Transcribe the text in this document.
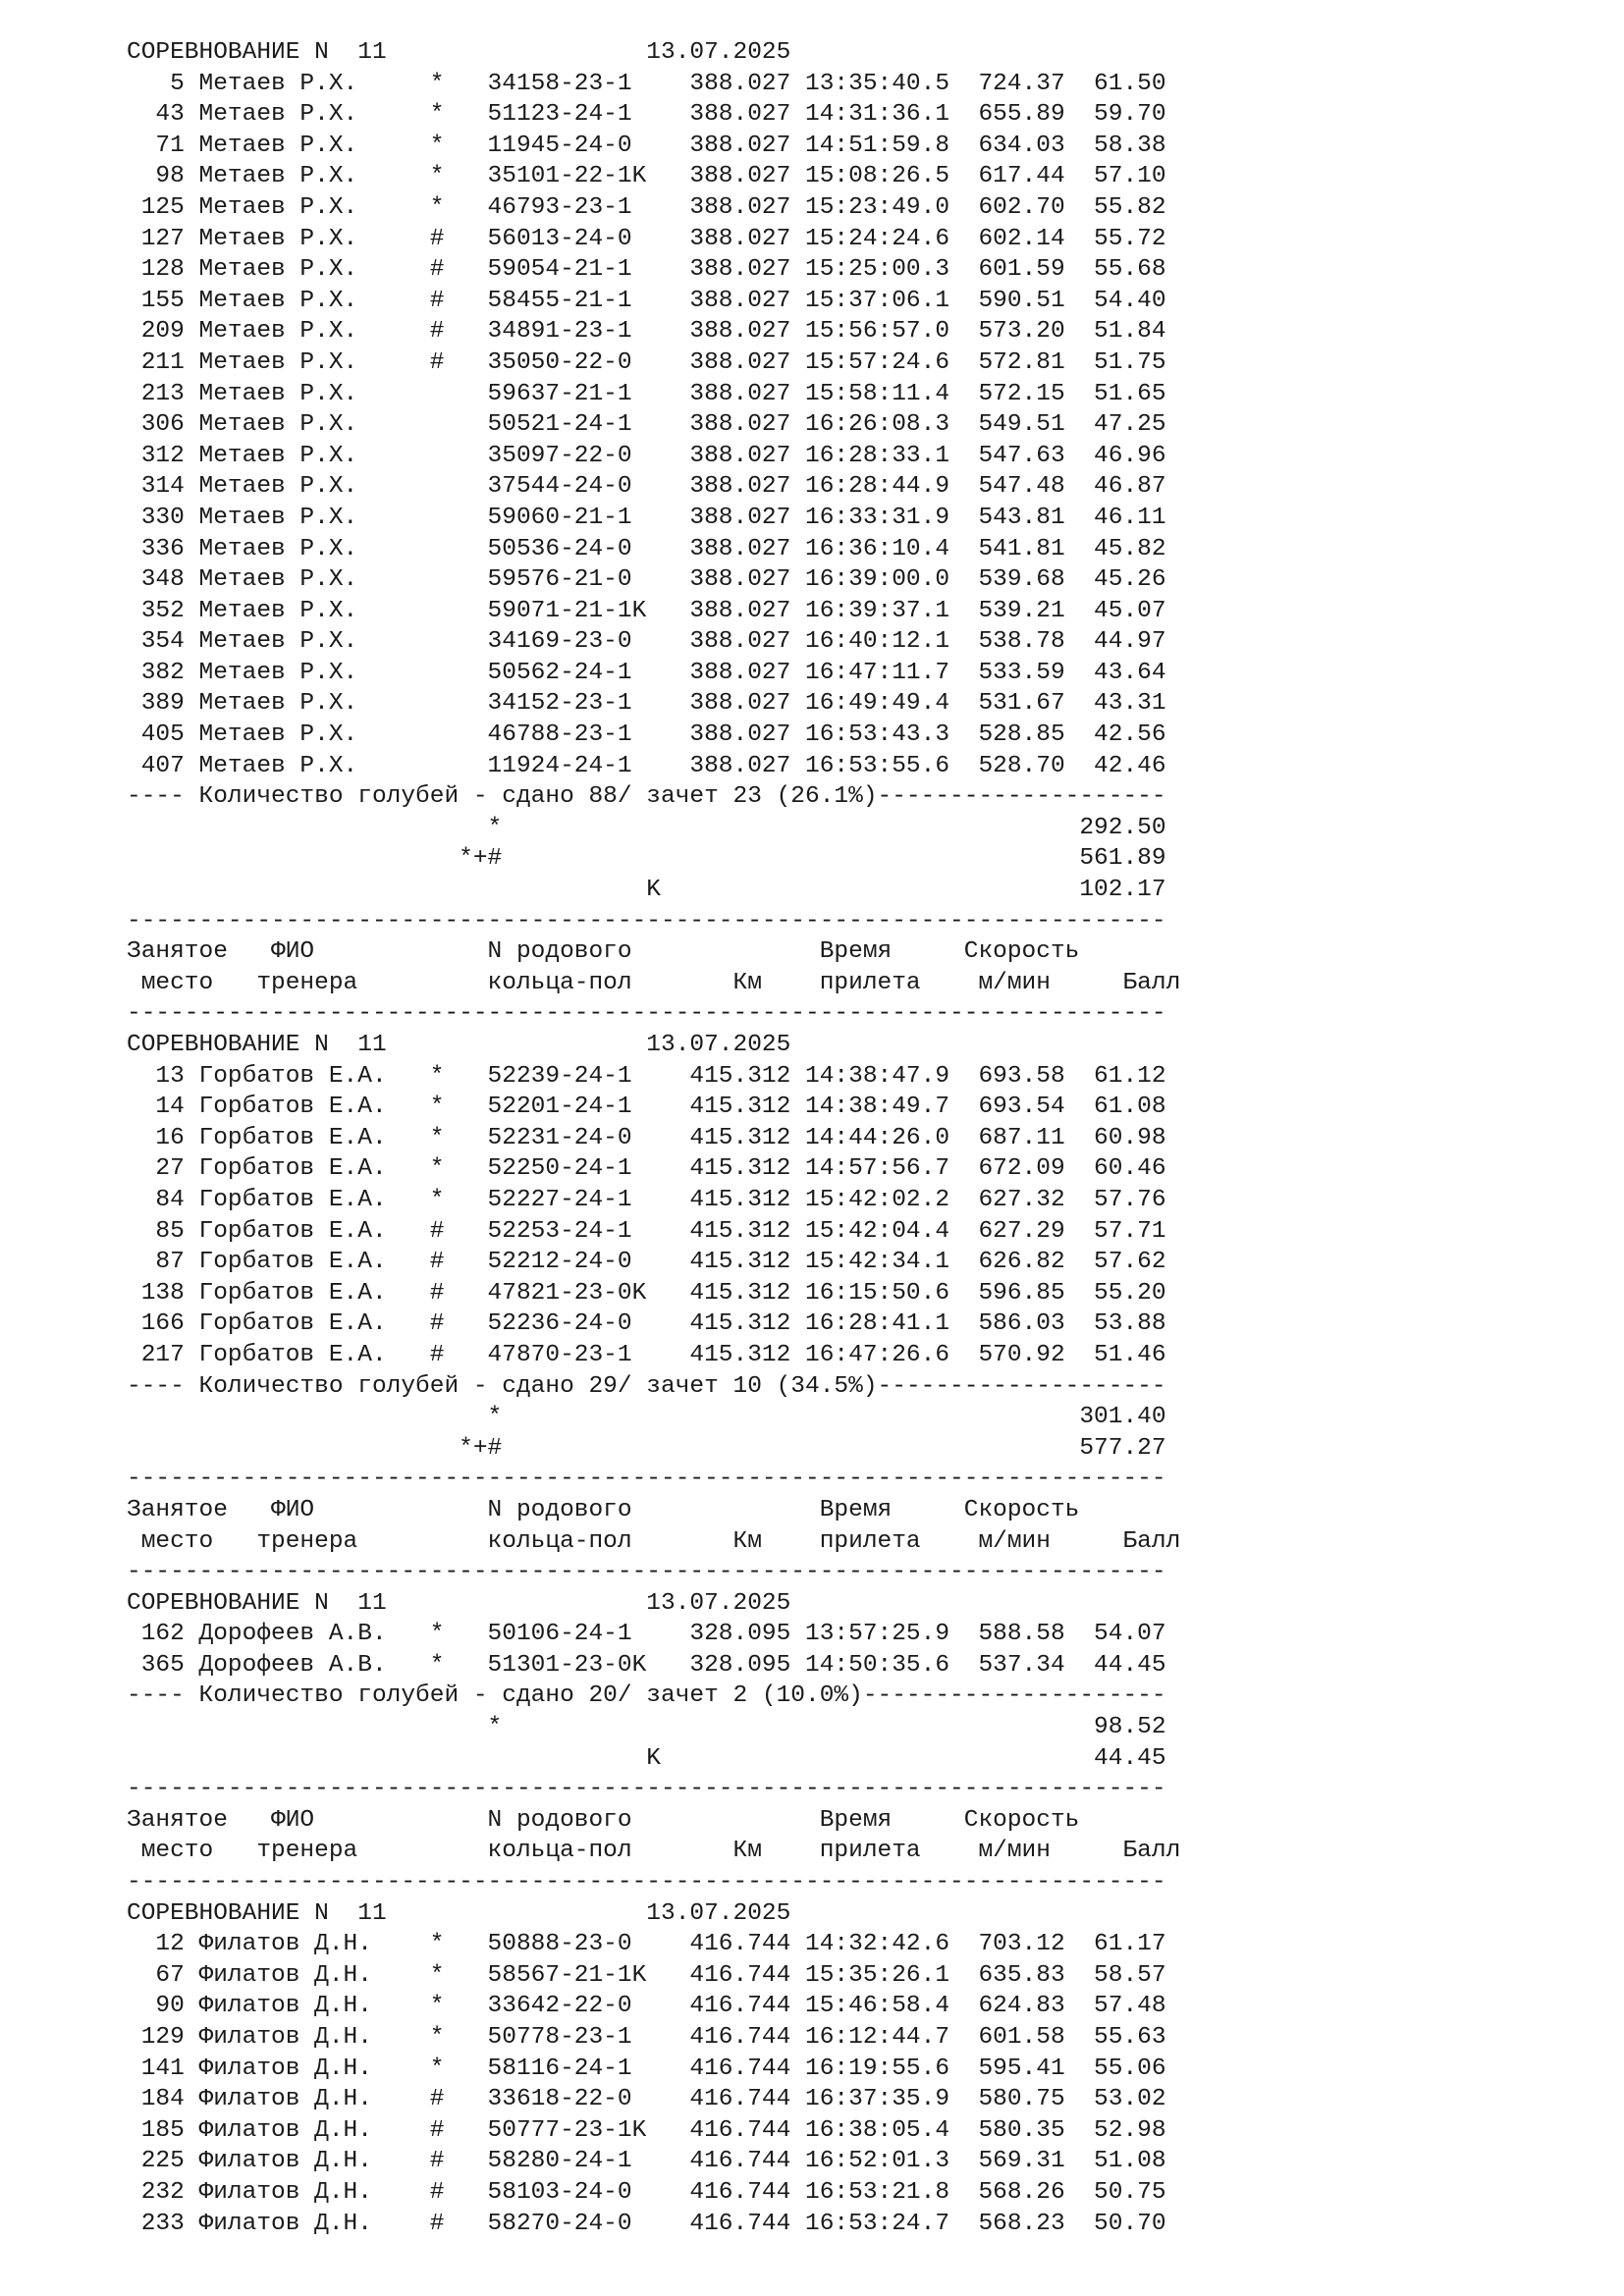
СОРЕВНОВАНИЕ N  11                  13.07.2025
5 Метаев Р.Х.     *   34158-23-1    388.027 13:35:40.5  724.37  61.50
43 Метаев Р.Х.     *   51123-24-1    388.027 14:31:36.1  655.89  59.70
71 Метаев Р.Х.     *   11945-24-0    388.027 14:51:59.8  634.03  58.38
98 Метаев Р.Х.     *   35101-22-1K   388.027 15:08:26.5  617.44  57.10
125 Метаев Р.Х.     *   46793-23-1    388.027 15:23:49.0  602.70  55.82
127 Метаев Р.Х.     #   56013-24-0    388.027 15:24:24.6  602.14  55.72
128 Метаев Р.Х.     #   59054-21-1    388.027 15:25:00.3  601.59  55.68
155 Метаев Р.Х.     #   58455-21-1    388.027 15:37:06.1  590.51  54.40
209 Метаев Р.Х.     #   34891-23-1    388.027 15:56:57.0  573.20  51.84
211 Метаев Р.Х.     #   35050-22-0    388.027 15:57:24.6  572.81  51.75
213 Метаев Р.Х.         59637-21-1    388.027 15:58:11.4  572.15  51.65
306 Метаев Р.Х.         50521-24-1    388.027 16:26:08.3  549.51  47.25
312 Метаев Р.Х.         35097-22-0    388.027 16:28:33.1  547.63  46.96
314 Метаев Р.Х.         37544-24-0    388.027 16:28:44.9  547.48  46.87
330 Метаев Р.Х.         59060-21-1    388.027 16:33:31.9  543.81  46.11
336 Метаев Р.Х.         50536-24-0    388.027 16:36:10.4  541.81  45.82
348 Метаев Р.Х.         59576-21-0    388.027 16:39:00.0  539.68  45.26
352 Метаев Р.Х.         59071-21-1K   388.027 16:39:37.1  539.21  45.07
354 Метаев Р.Х.         34169-23-0    388.027 16:40:12.1  538.78  44.97
382 Метаев Р.Х.         50562-24-1    388.027 16:47:11.7  533.59  43.64
389 Метаев Р.Х.         34152-23-1    388.027 16:49:49.4  531.67  43.31
405 Метаев Р.Х.         46788-23-1    388.027 16:53:43.3  528.85  42.56
407 Метаев Р.Х.         11924-24-1    388.027 16:53:55.6  528.70  42.46
---- Количество голубей - сдано 88/ зачет 23 (26.1%)--------------------
*                                        292.50
*+#                                        561.89
K                             102.17
------------------------------------------------------------------------
Занятое   ФИО            N родового             Время     Скорость
место   тренера         кольца-пол       Км    прилета    м/мин     Балл
------------------------------------------------------------------------
СОРЕВНОВАНИЕ N  11                  13.07.2025
13 Горбатов Е.А.   *   52239-24-1    415.312 14:38:47.9  693.58  61.12
14 Горбатов Е.А.   *   52201-24-1    415.312 14:38:49.7  693.54  61.08
16 Горбатов Е.А.   *   52231-24-0    415.312 14:44:26.0  687.11  60.98
27 Горбатов Е.А.   *   52250-24-1    415.312 14:57:56.7  672.09  60.46
84 Горбатов Е.А.   *   52227-24-1    415.312 15:42:02.2  627.32  57.76
85 Горбатов Е.А.   #   52253-24-1    415.312 15:42:04.4  627.29  57.71
87 Горбатов Е.А.   #   52212-24-0    415.312 15:42:34.1  626.82  57.62
138 Горбатов Е.А.   #   47821-23-0K   415.312 16:15:50.6  596.85  55.20
166 Горбатов Е.А.   #   52236-24-0    415.312 16:28:41.1  586.03  53.88
217 Горбатов Е.А.   #   47870-23-1    415.312 16:47:26.6  570.92  51.46
---- Количество голубей - сдано 29/ зачет 10 (34.5%)--------------------
*                                        301.40
*+#                                        577.27
------------------------------------------------------------------------
Занятое   ФИО            N родового             Время     Скорость
место   тренера         кольца-пол       Км    прилета    м/мин     Балл
------------------------------------------------------------------------
СОРЕВНОВАНИЕ N  11                  13.07.2025
162 Дорофеев А.В.   *   50106-24-1    328.095 13:57:25.9  588.58  54.07
365 Дорофеев А.В.   *   51301-23-0K   328.095 14:50:35.6  537.34  44.45
---- Количество голубей - сдано 20/ зачет 2 (10.0%)---------------------
*                                         98.52
K                              44.45
------------------------------------------------------------------------
Занятое   ФИО            N родового             Время     Скорость
место   тренера         кольца-пол       Км    прилета    м/мин     Балл
------------------------------------------------------------------------
СОРЕВНОВАНИЕ N  11                  13.07.2025
12 Филатов Д.Н.    *   50888-23-0    416.744 14:32:42.6  703.12  61.17
67 Филатов Д.Н.    *   58567-21-1K   416.744 15:35:26.1  635.83  58.57
90 Филатов Д.Н.    *   33642-22-0    416.744 15:46:58.4  624.83  57.48
129 Филатов Д.Н.    *   50778-23-1    416.744 16:12:44.7  601.58  55.63
141 Филатов Д.Н.    *   58116-24-1    416.744 16:19:55.6  595.41  55.06
184 Филатов Д.Н.    #   33618-22-0    416.744 16:37:35.9  580.75  53.02
185 Филатов Д.Н.    #   50777-23-1K   416.744 16:38:05.4  580.35  52.98
225 Филатов Д.Н.    #   58280-24-1    416.744 16:52:01.3  569.31  51.08
232 Филатов Д.Н.    #   58103-24-0    416.744 16:53:21.8  568.26  50.75
233 Филатов Д.Н.    #   58270-24-0    416.744 16:53:24.7  568.23  50.70
